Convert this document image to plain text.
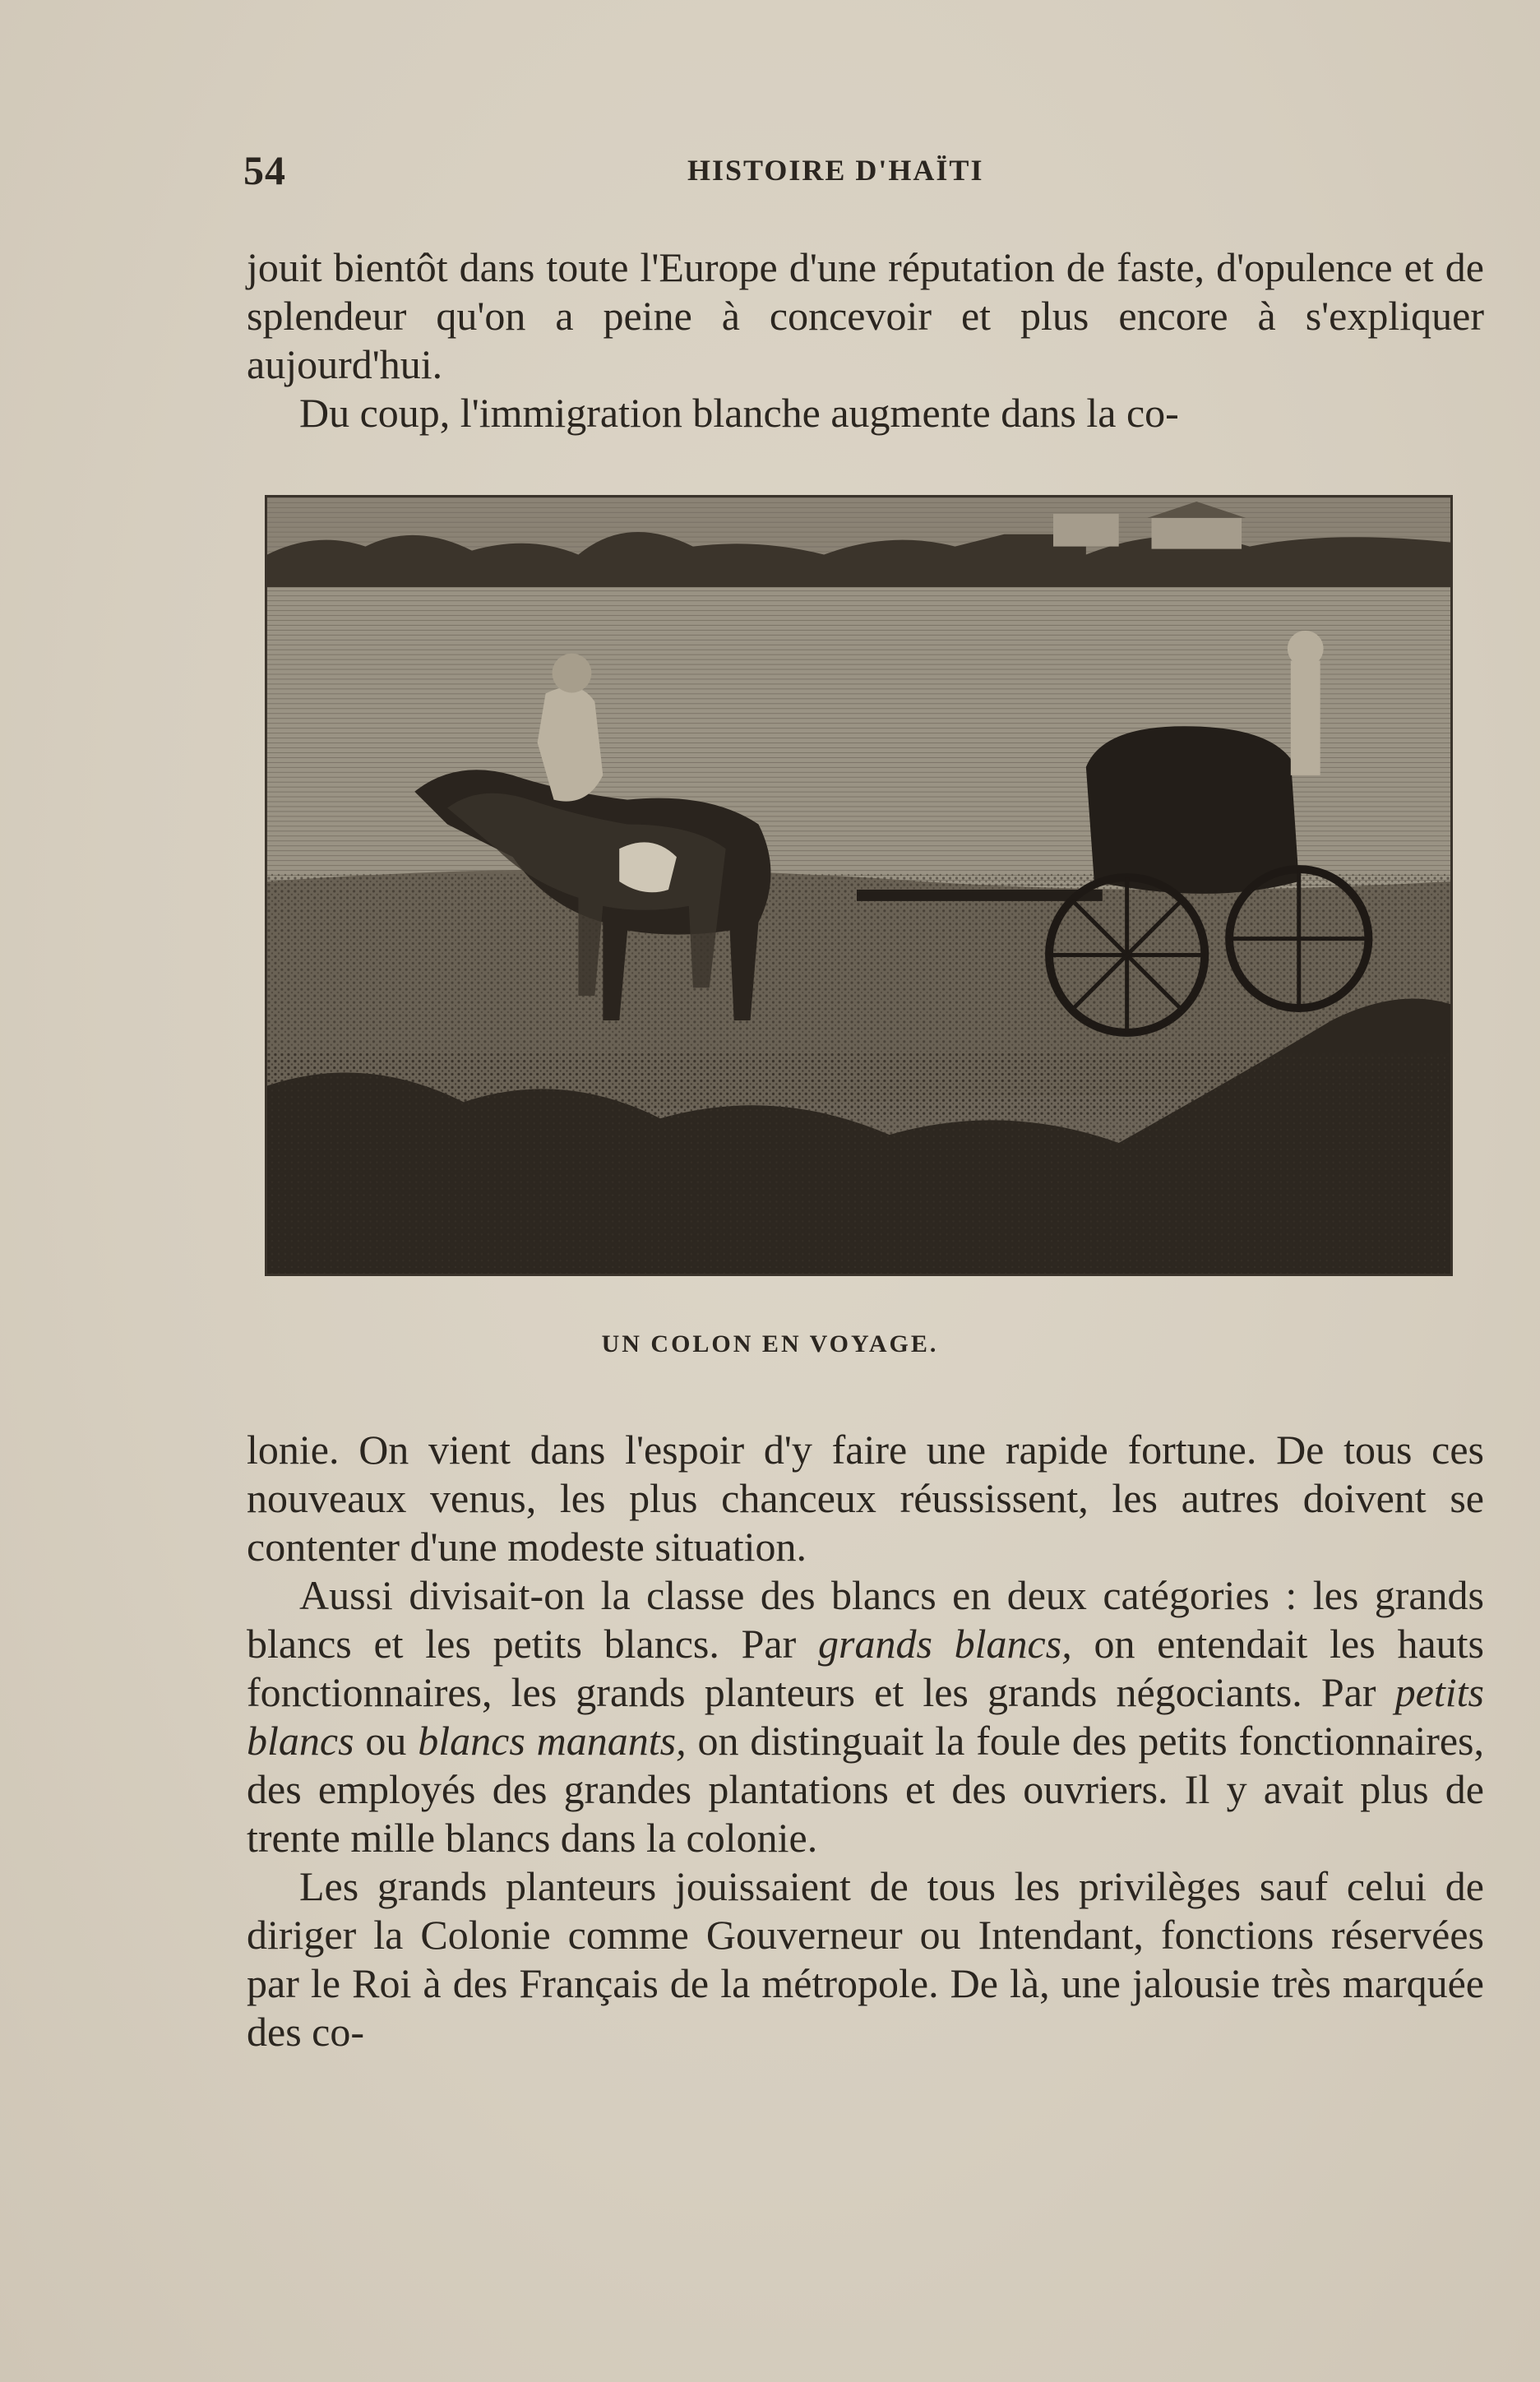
54	HISTOIRE D'HAÏTI

jouit bientôt dans toute l'Europe d'une réputation de faste, d'opulence et de splendeur qu'on a peine à concevoir et plus encore à s'expliquer aujourd'hui.

Du coup, l'immigration blanche augmente dans la co-

UN COLON EN VOYAGE.

lonie. On vient dans l'espoir d'y faire une rapide fortune. De tous ces nouveaux venus, les plus chanceux réussissent, les autres doivent se contenter d'une modeste situation.

Aussi divisait-on la classe des blancs en deux catégories : les grands blancs et les petits blancs. Par grands blancs, on entendait les hauts fonctionnaires, les grands planteurs et les grands négociants. Par petits blancs ou blancs manants, on distinguait la foule des petits fonctionnaires, des employés des grandes plantations et des ouvriers. Il y avait plus de trente mille blancs dans la colonie.

Les grands planteurs jouissaient de tous les privilèges sauf celui de diriger la Colonie comme Gouverneur ou Intendant, fonctions réservées par le Roi à des Français de la métropole. De là, une jalousie très marquée des co-
